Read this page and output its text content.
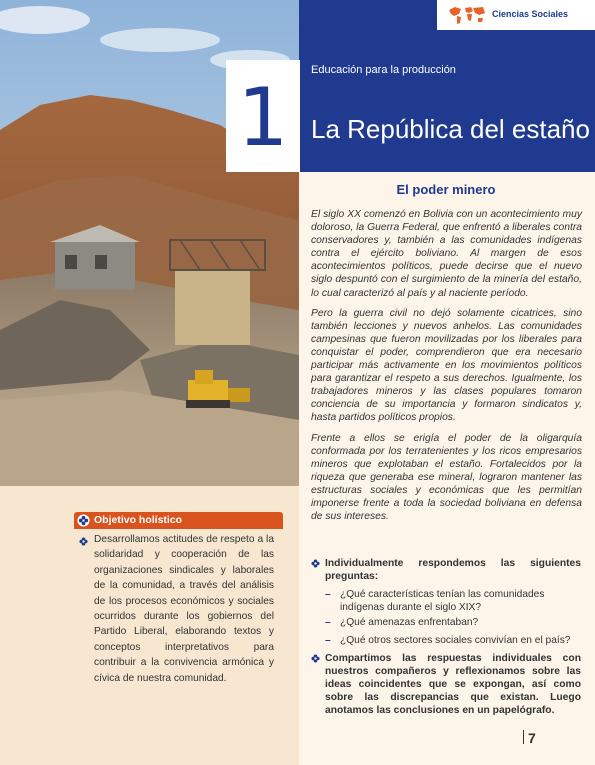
Ciencias Sociales
Educación para la producción
1 La República del estaño
El poder minero

El siglo XX comenzó en Bolivia con un acontecimiento muy doloroso, la Guerra Federal, que enfrentó a liberales contra conservadores y, también a las comunidades indígenas contra el ejército boliviano. Al margen de esos acontecimientos políticos, puede decirse que el nuevo siglo despuntó con el surgimiento de la minería del estaño, lo cual caracterizó al país y al naciente período.

Pero la guerra civil no dejó solamente cicatrices, sino también lecciones y nuevos anhelos. Las comunidades campesinas que fueron movilizadas por los liberales para conquistar el poder, comprendieron que era necesario participar más activamente en los movimientos políticos para garantizar el respeto a sus derechos. Igualmente, los trabajadores mineros y las clases populares tomaron conciencia de su importancia y formaron sindicatos y, hasta partidos políticos propios.

Frente a ellos se erigía el poder de la oligarquía conformada por los terratenientes y los ricos empresarios mineros que explotaban el estaño. Fortalecidos por la riqueza que generaba ese mineral, lograron mantener las estructuras sociales y económicas que les permitían imponerse frente a toda la sociedad boliviana en defensa de sus intereses.

Objetivo holístico
Desarrollamos actitudes de respeto a la solidaridad y cooperación de las organizaciones sindicales y laborales de la comunidad, a través del análisis de los procesos económicos y sociales ocurridos durante los gobiernos del Partido Liberal, elaborando textos y conceptos interpretativos para contribuir a la convivencia armónica y cívica de nuestra comunidad.
Individualmente respondemos las siguientes preguntas:
– ¿Qué características tenían las comunidades indígenas durante el siglo XIX?
– ¿Qué amenazas enfrentaban?
– ¿Qué otros sectores sociales convivían en el país?
Compartimos las respuestas individuales con nuestros compañeros y reflexionamos sobre las ideas coincidentes que se expongan, así como sobre las discrepancias que existan. Luego anotamos las conclusiones en un papelógrafo.
7
